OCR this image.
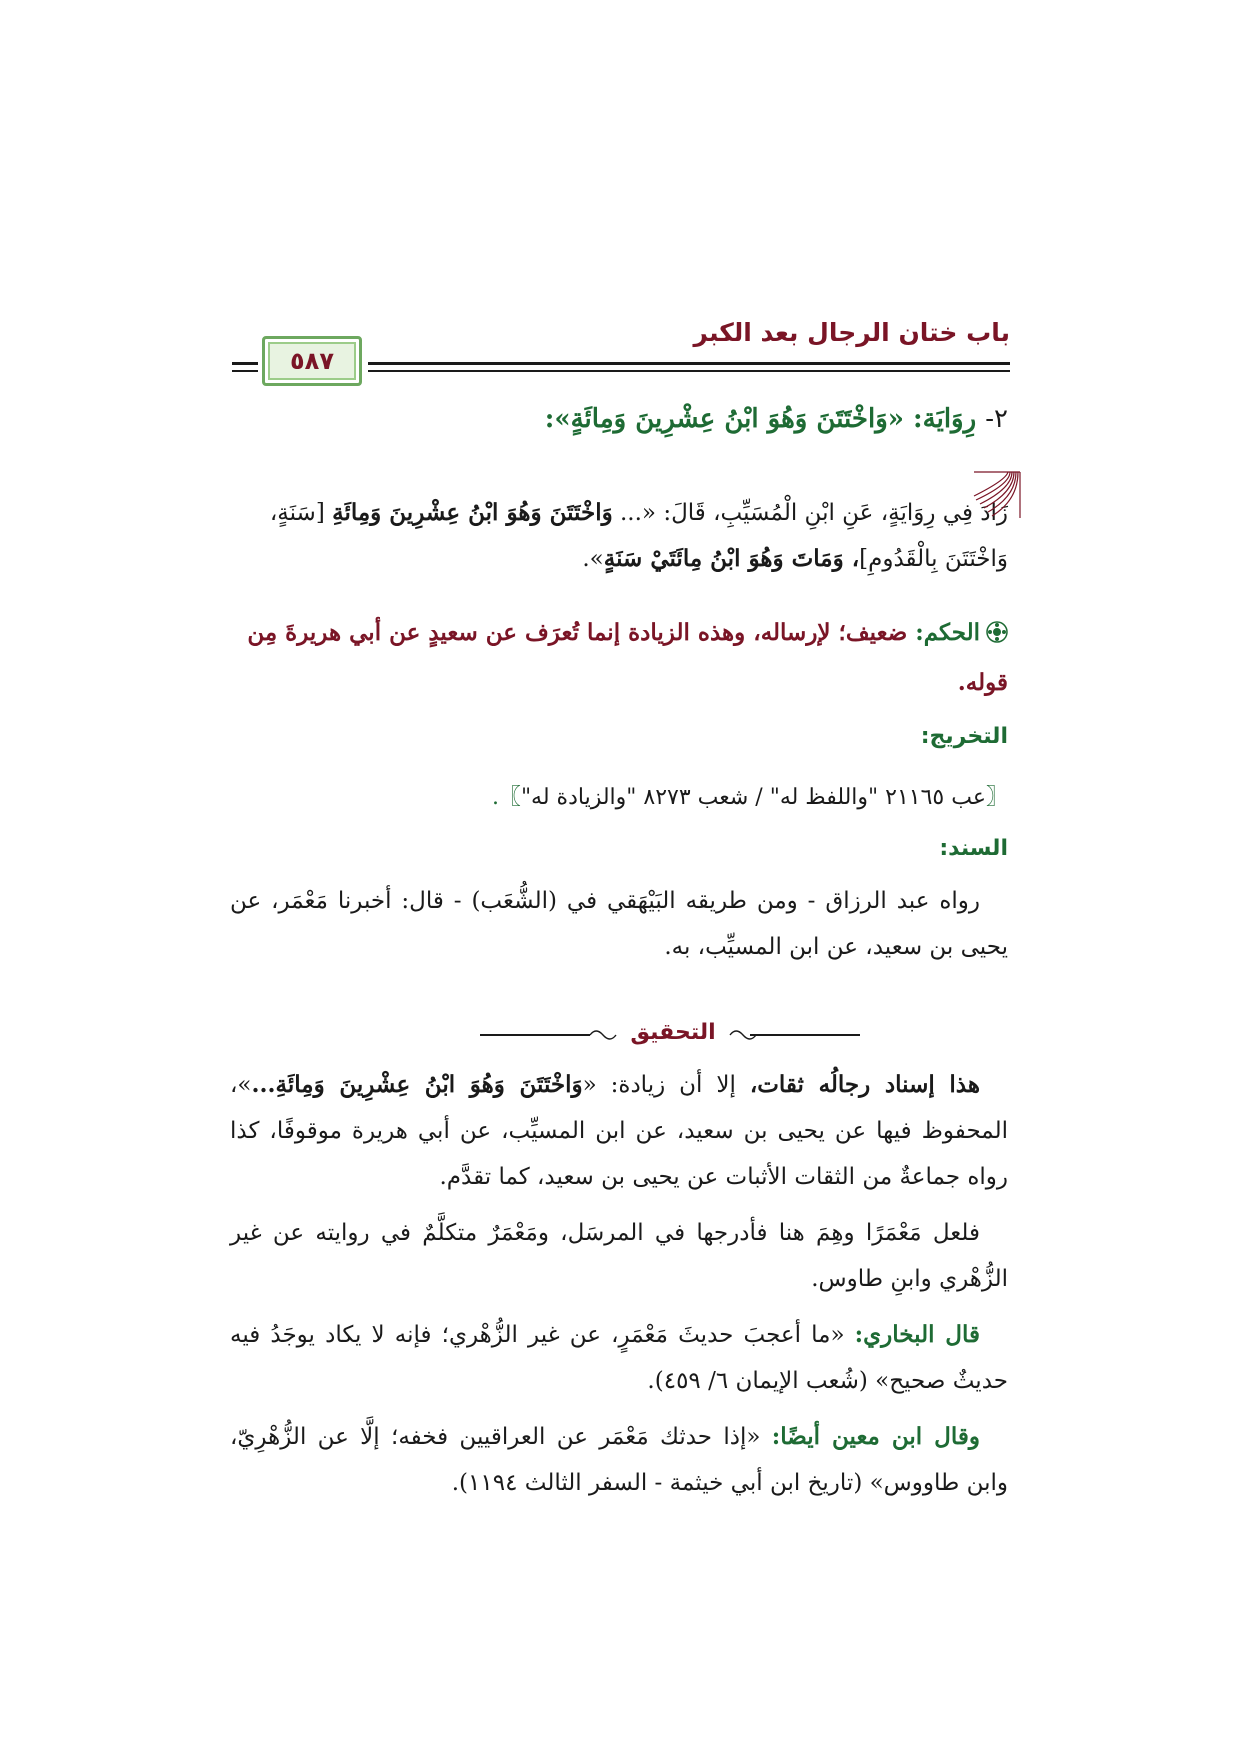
باب ختان الرجال بعد الكبر
٥٨٧
٢- رِوَايَة: «وَاخْتَتَنَ وَهُوَ ابْنُ عِشْرِينَ وَمِائَةٍ»:

زَادَ فِي رِوَايَةٍ، عَنِ ابْنِ الْمُسَيِّبِ، قَالَ: «... وَاخْتَتَنَ وَهُوَ ابْنُ عِشْرِينَ وَمِائَةِ [سَنَةٍ، وَاخْتَتَنَ بِالْقَدُومِ]، وَمَاتَ وَهُوَ ابْنُ مِائَتَيْ سَنَةٍ».

الحكم: ضعيف؛ لإرساله، وهذه الزيادة إنما تُعرَف عن سعيدٍ عن أبي هريرةَ مِن قوله.
التخريج:
〖عب ٢١١٦٥ "واللفظ له" / شعب ٨٢٧٣ "والزيادة له"〗.
السند:

رواه عبد الرزاق - ومن طريقه البَيْهَقي في (الشُّعَب) - قال: أخبرنا مَعْمَر، عن يحيى بن سعيد، عن ابن المسيِّب، به.

التحقيق

هذا إسناد رجالُه ثقات، إلا أن زيادة: «وَاخْتَتَنَ وَهُوَ ابْنُ عِشْرِينَ وَمِائَةِ...»، المحفوظ فيها عن يحيى بن سعيد، عن ابن المسيِّب، عن أبي هريرة موقوفًا، كذا رواه جماعةٌ من الثقات الأثبات عن يحيى بن سعيد، كما تقدَّم.

فلعل مَعْمَرًا وهِمَ هنا فأدرجها في المرسَل، ومَعْمَرٌ متكلَّمٌ في روايته عن غير الزُّهْري وابنِ طاوس.

قال البخاري: «ما أعجبَ حديثَ مَعْمَرٍ، عن غير الزُّهْري؛ فإنه لا يكاد يوجَدُ فيه حديثٌ صحيح» (شُعب الإيمان ٦/ ٤٥٩).

وقال ابن معين أيضًا: «إذا حدثك مَعْمَر عن العراقيين فخفه؛ إلَّا عن الزُّهْرِيّ، وابن طاووس» (تاريخ ابن أبي خيثمة - السفر الثالث ١١٩٤).
